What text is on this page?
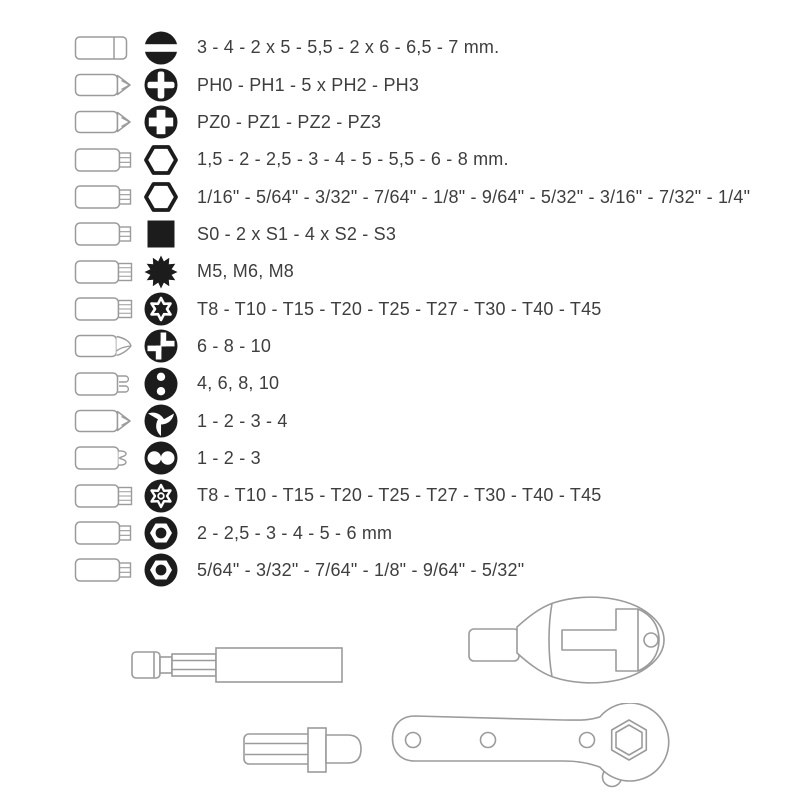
3 - 4 - 2 x 5 - 5,5 - 2 x 6 - 6,5 - 7 mm.
PH0 - PH1 - 5 x PH2 - PH3
PZ0 - PZ1 - PZ2 - PZ3
1,5 - 2 - 2,5 - 3 - 4 - 5 - 5,5 - 6 - 8 mm.
1/16" - 5/64" - 3/32" - 7/64" - 1/8" - 9/64" - 5/32" - 3/16" - 7/32" - 1/4"
S0 - 2 x S1 - 4 x S2 - S3
M5, M6, M8
T8 - T10 - T15 - T20 - T25 - T27 - T30 - T40 - T45
6 - 8 - 10
4, 6, 8, 10
1 - 2 - 3 - 4
1 - 2 - 3
T8 - T10 - T15 - T20 - T25 - T27 - T30 - T40 - T45
2 - 2,5 - 3 - 4 - 5 - 6 mm
5/64" - 3/32" - 7/64" - 1/8" - 9/64" - 5/32"
